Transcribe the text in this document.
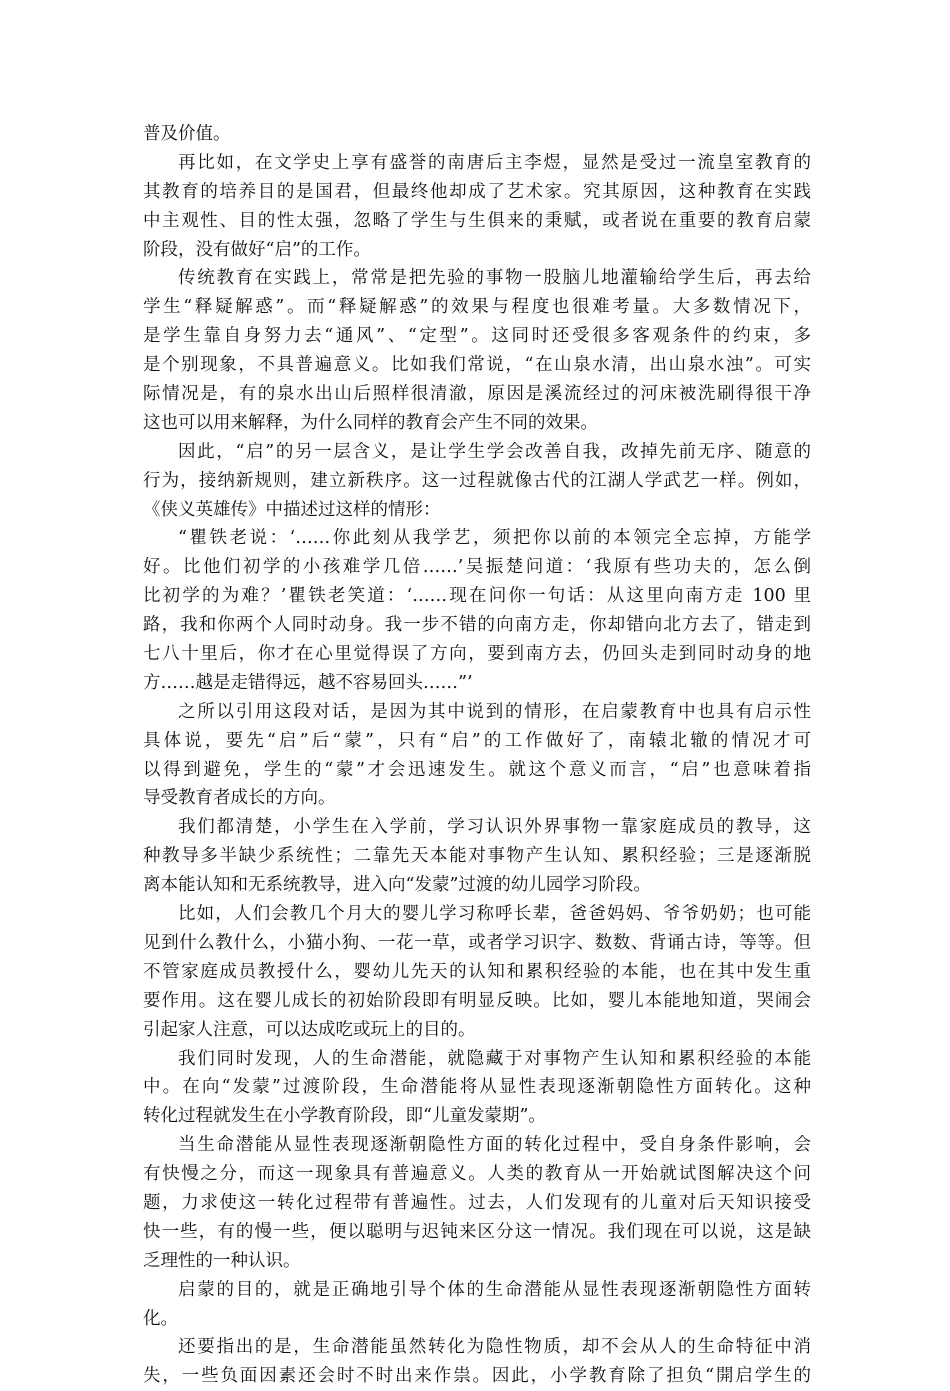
普及价值。
再比如，在文学史上享有盛誉的南唐后主李煜，显然是受过一流皇室教育的
其教育的培养目的是国君，但最终他却成了艺术家。究其原因，这种教育在实践
中主观性、目的性太强，忽略了学生与生俱来的秉赋，或者说在重要的教育启蒙
阶段，没有做好“启”的工作。
传统教育在实践上，常常是把先验的事物一股脑儿地灌输给学生后，再去给
学生“释疑解惑”。而“释疑解惑”的效果与程度也很难考量。大多数情况下，
是学生靠自身努力去“通风”、“定型”。这同时还受很多客观条件的约束，多
是个别现象，不具普遍意义。比如我们常说，“在山泉水清，出山泉水浊”。可实
际情况是，有的泉水出山后照样很清澈，原因是溪流经过的河床被洗刷得很干净
这也可以用来解释，为什么同样的教育会产生不同的效果。
因此，“启”的另一层含义，是让学生学会改善自我，改掉先前无序、随意的
行为，接纳新规则，建立新秩序。这一过程就像古代的江湖人学武艺一样。例如，
《侠义英雄传》中描述过这样的情形：
“瞿铁老说：‘……你此刻从我学艺，须把你以前的本领完全忘掉，方能学
好。比他们初学的小孩难学几倍……’吴振楚问道：‘我原有些功夫的，怎么倒
比初学的为难？’瞿铁老笑道：‘……现在问你一句话：从这里向南方走 100 里
路，我和你两个人同时动身。我一步不错的向南方走，你却错向北方去了，错走到
七八十里后，你才在心里觉得误了方向，要到南方去，仍回头走到同时动身的地
方……越是走错得远，越不容易回头……”’
之所以引用这段对话，是因为其中说到的情形，在启蒙教育中也具有启示性
具体说，要先“启”后“蒙”，只有“启”的工作做好了，南辕北辙的情况才可
以得到避免，学生的“蒙”才会迅速发生。就这个意义而言，“启”也意味着指
导受教育者成长的方向。
我们都清楚，小学生在入学前，学习认识外界事物一靠家庭成员的教导，这
种教导多半缺少系统性；二靠先天本能对事物产生认知、累积经验；三是逐渐脱
离本能认知和无系统教导，进入向“发蒙”过渡的幼儿园学习阶段。
比如，人们会教几个月大的婴儿学习称呼长辈，爸爸妈妈、爷爷奶奶；也可能
见到什么教什么，小猫小狗、一花一草，或者学习识字、数数、背诵古诗，等等。但
不管家庭成员教授什么，婴幼儿先天的认知和累积经验的本能，也在其中发生重
要作用。这在婴儿成长的初始阶段即有明显反映。比如，婴儿本能地知道，哭闹会
引起家人注意，可以达成吃或玩上的目的。
我们同时发现，人的生命潜能，就隐藏于对事物产生认知和累积经验的本能
中。在向“发蒙”过渡阶段，生命潜能将从显性表现逐渐朝隐性方面转化。这种
转化过程就发生在小学教育阶段，即“儿童发蒙期”。
当生命潜能从显性表现逐渐朝隐性方面的转化过程中，受自身条件影响，会
有快慢之分，而这一现象具有普遍意义。人类的教育从一开始就试图解决这个问
题，力求使这一转化过程带有普遍性。过去，人们发现有的儿童对后天知识接受
快一些，有的慢一些，便以聪明与迟钝来区分这一情况。我们现在可以说，这是缺
乏理性的一种认识。
启蒙的目的，就是正确地引导个体的生命潜能从显性表现逐渐朝隐性方面转
化。
还要指出的是，生命潜能虽然转化为隐性物质，却不会从人的生命特征中消
失，一些负面因素还会时不时出来作祟。因此，小学教育除了担负“開启学生的
